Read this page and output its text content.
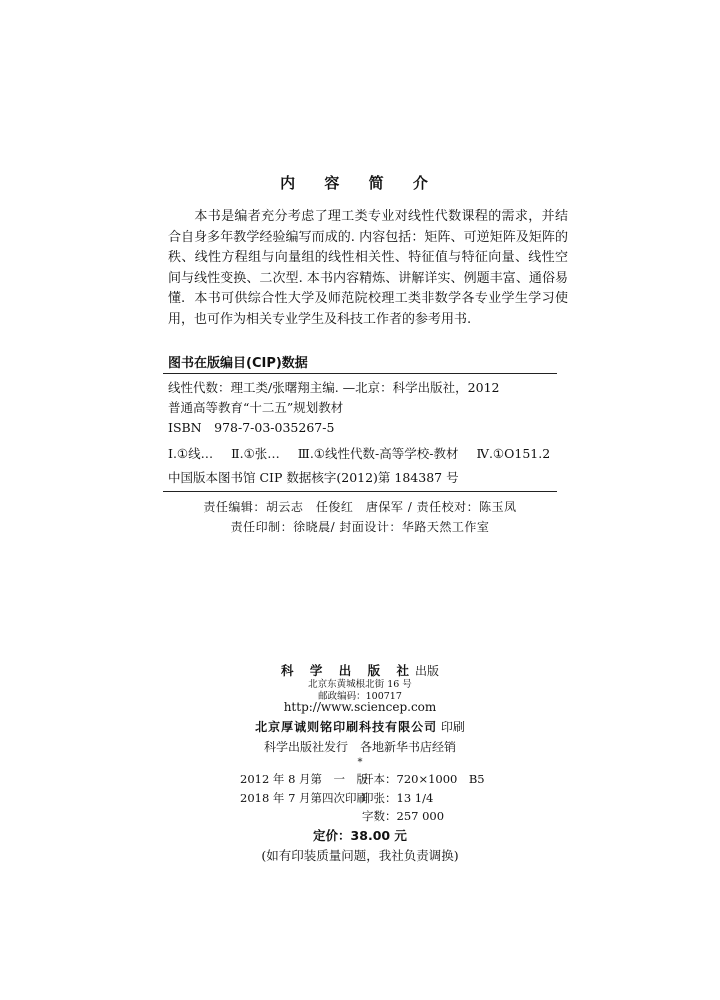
内 容 简 介

本书是编者充分考虑了理工类专业对线性代数课程的需求，并结合自身多年教学经验编写而成的. 内容包括：矩阵、可逆矩阵及矩阵的秩、线性方程组与向量组的线性相关性、特征值与特征向量、线性空间与线性变换、二次型. 本书内容精炼、讲解详实、例题丰富、通俗易懂. 本书可供综合性大学及师范院校理工类非数学各专业学生学习使用，也可作为相关专业学生及科技工作者的参考用书.

图书在版编目(CIP)数据
线性代数：理工类/张曙翔主编. —北京：科学出版社，2012
普通高等教育“十二五”规划教材
ISBN　978-7-03-035267-5
Ⅰ.①线… Ⅱ.①张… Ⅲ.①线性代数-高等学校-教材 Ⅳ.①O151.2
中国版本图书馆 CIP 数据核字(2012)第 184387 号
责任编辑：胡云志　任俊红　唐保军 / 责任校对：陈玉凤
责任印制：徐晓晨/ 封面设计：华路天然工作室
科 学 出 版 社出版
北京东黄城根北街 16 号
邮政编码：100717
http://www.sciencep.com
北京厚诚则铭印刷科技有限公司 印刷
科学出版社发行　各地新华书店经销
*
2012 年 8 月第　一　版开本：720×1000　B5
2018 年 7 月第四次印刷印张：13 1/4
字数：257 000
定价：38.00 元
(如有印装质量问题，我社负责调换)
